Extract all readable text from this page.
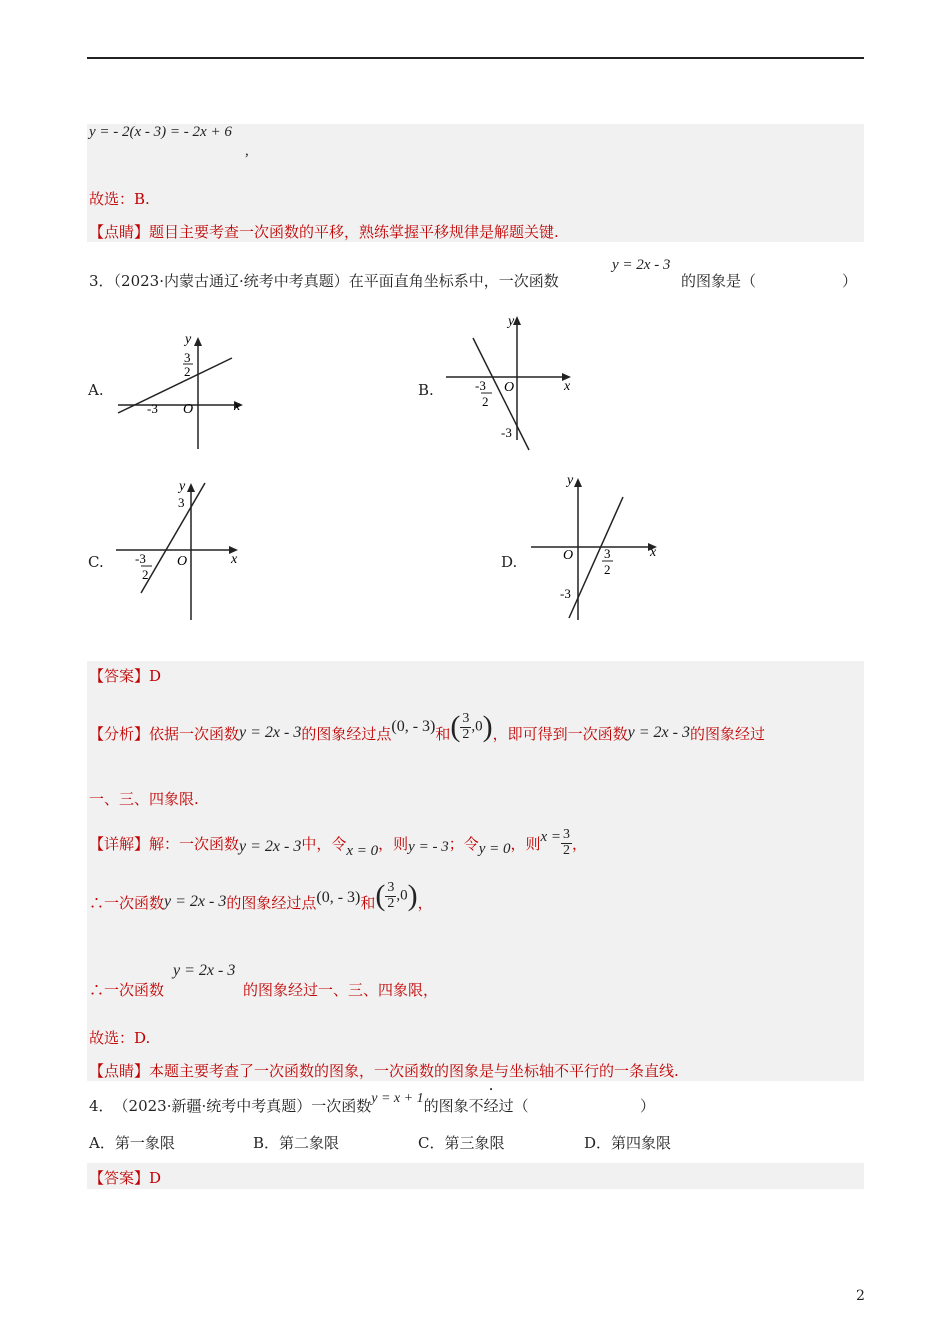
y = - 2(x - 3) = - 2x + 6
,
故选：B.
【点睛】题目主要考查一次函数的平移，熟练掌握平移规律是解题关键.
3．（2023·内蒙古通辽·统考中考真题）在平面直角坐标系中，一次函数
y = 2x - 3
的图象是（	）
A.
x
y
O
-3
3
2
B.	x
y
O
-3
2
-3
C.	x
y
O
-3
2
3
D.
x
y
O 3
2
-3
【答案】D
【分析】 依据一次函数 y = 2x - 3 的图象经过点 (0, - 3) 和 ( $\frac{3}{2} ,0$) ，即可得到一次函数 y = 2x - 3 的图象经过
一、三、四象限.
【详解】 解：一次函数 y = 2x - 3 中，令 x = 0 ，则 y = - 3 ；令 y = 0 ，则 $x = \frac{3}{2}$ ，
∴一次函数 y = 2x - 3 的图象经过点 (0, - 3) 和 ( $\frac{3}{2} ,0$) ，
∴一次函数
y = 2x - 3
的图象经过一、三、四象限，
故选：D.
【点睛】本题主要考查了一次函数的图象，一次函数的图象是与坐标轴不平行的一条直线.
4． （2023·新疆·统考中考真题）一次函数 y = x + 1 的图象 不经过 （	）
A．第一象限	B．第二象限	C．第三象限	D．第四象限
【答案】D
2
